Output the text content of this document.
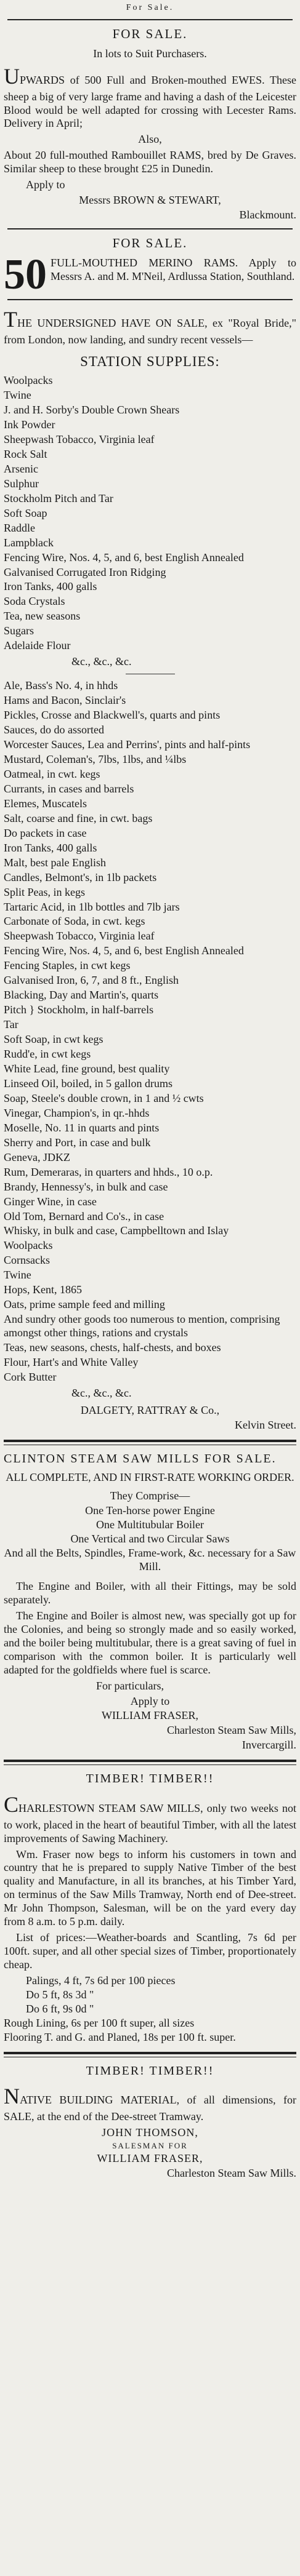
For Sale.
FOR SALE.
In lots to Suit Purchasers.

UPWARDS of 500 Full and Broken-mouthed EWES. These sheep a big of very large frame and having a dash of the Leicester Blood would be well adapted for crossing with Lecester Rams. Delivery in April;

Also,

About 20 full-mouthed Rambouillet RAMS, bred by De Graves. Similar sheep to these brought £25 in Dunedin.

Apply to
Messrs BROWN & STEWART,
Blackmount.
FOR SALE.
50 FULL-MOUTHED MERINO RAMS. Apply to Messrs A. and M. M'Neil, Ardlussa Station, Southland.

THE UNDERSIGNED HAVE ON SALE, ex "Royal Bride," from London, now landing, and sundry recent vessels—

STATION SUPPLIES:
Woolpacks
Twine
J. and H. Sorby's Double Crown Shears
Ink Powder
Sheepwash Tobacco, Virginia leaf
Rock Salt
Arsenic
Sulphur
Stockholm Pitch and Tar
Soft Soap
Raddle
Lampblack
Fencing Wire, Nos. 4, 5, and 6, best English Annealed
Galvanised Corrugated Iron Ridging
Iron Tanks, 400 galls
Soda Crystals
Tea, new seasons
Sugars
Adelaide Flour
&c., &c., &c.
Ale, Bass's No. 4, in hhds
Hams and Bacon, Sinclair's
Pickles, Crosse and Blackwell's, quarts and pints
Sauces, do do assorted
Worcester Sauces, Lea and Perrins', pints and half-pints
Mustard, Coleman's, 7lbs, 1lbs, and ¼lbs
Oatmeal, in cwt. kegs
Currants, in cases and barrels
Elemes, Muscatels
Salt, coarse and fine, in cwt. bags
Do packets in case
Iron Tanks, 400 galls
Malt, best pale English
Candles, Belmont's, in 1lb packets
Split Peas, in kegs
Tartaric Acid, in 1lb bottles and 7lb jars
Carbonate of Soda, in cwt. kegs
Sheepwash Tobacco, Virginia leaf
Fencing Wire, Nos. 4, 5, and 6, best English Annealed
Fencing Staples, in cwt kegs
Galvanised Iron, 6, 7, and 8 ft., English
Blacking, Day and Martin's, quarts
Pitch } Stockholm, in half-barrels
Tar
Soft Soap, in cwt kegs
Rudd'e, in cwt kegs
White Lead, fine ground, best quality
Linseed Oil, boiled, in 5 gallon drums
Soap, Steele's double crown, in 1 and ½ cwts
Vinegar, Champion's, in qr.-hhds
Moselle, No. 11 in quarts and pints
Sherry and Port, in case and bulk
Geneva, JDKZ
Rum, Demeraras, in quarters and hhds., 10 o.p.
Brandy, Hennessy's, in bulk and case
Ginger Wine, in case
Old Tom, Bernard and Co's., in case
Whisky, in bulk and case, Campbelltown and Islay
Woolpacks
Cornsacks
Twine
Hops, Kent, 1865
Oats, prime sample feed and milling
And sundry other goods too numerous to mention, comprising amongst other things, rations and crystals
Teas, new seasons, chests, half-chests, and boxes
Flour, Hart's and White Valley
Cork Butter
&c., &c., &c.
DALGETY, RATTRAY & Co.,
Kelvin Street.
CLINTON STEAM SAW MILLS FOR SALE.
ALL COMPLETE, AND IN FIRST-RATE WORKING ORDER.
They Comprise—
One Ten-horse power Engine
One Multitubular Boiler
One Vertical and two Circular Saws
And all the Belts, Spindles, Frame-work, &c. necessary for a Saw Mill.

The Engine and Boiler, with all their Fittings, may be sold separately.

The Engine and Boiler is almost new, was specially got up for the Colonies, and being so strongly made and so easily worked, and the boiler being multitubular, there is a great saving of fuel in comparison with the common boiler. It is particularly well adapted for the goldfields where fuel is scarce.

For particulars,
Apply to
WILLIAM FRASER,
Charleston Steam Saw Mills,
Invercargill.
TIMBER! TIMBER!!

CHARLESTOWN STEAM SAW MILLS, only two weeks not to work, placed in the heart of beautiful Timber, with all the latest improvements of Sawing Machinery.

Wm. Fraser now begs to inform his customers in town and country that he is prepared to supply Native Timber of the best quality and Manufacture, in all its branches, at his Timber Yard, on terminus of the Saw Mills Tramway, North end of Dee-street. Mr John Thompson, Salesman, will be on the yard every day from 8 a.m. to 5 p.m. daily.

List of prices:—Weather-boards and Scantling, 7s 6d per 100ft. super, and all other special sizes of Timber, proportionately cheap.

Palings, 4 ft, 7s 6d per 100 pieces
Do 5 ft, 8s 3d "
Do 6 ft, 9s 0d "
Rough Lining, 6s per 100 ft super, all sizes
Flooring T. and G. and Planed, 18s per 100 ft. super.
TIMBER! TIMBER!!

NATIVE BUILDING MATERIAL, of all dimensions, for SALE, at the end of the Dee-street Tramway.

JOHN THOMSON,
SALESMAN FOR
WILLIAM FRASER,
Charleston Steam Saw Mills.
